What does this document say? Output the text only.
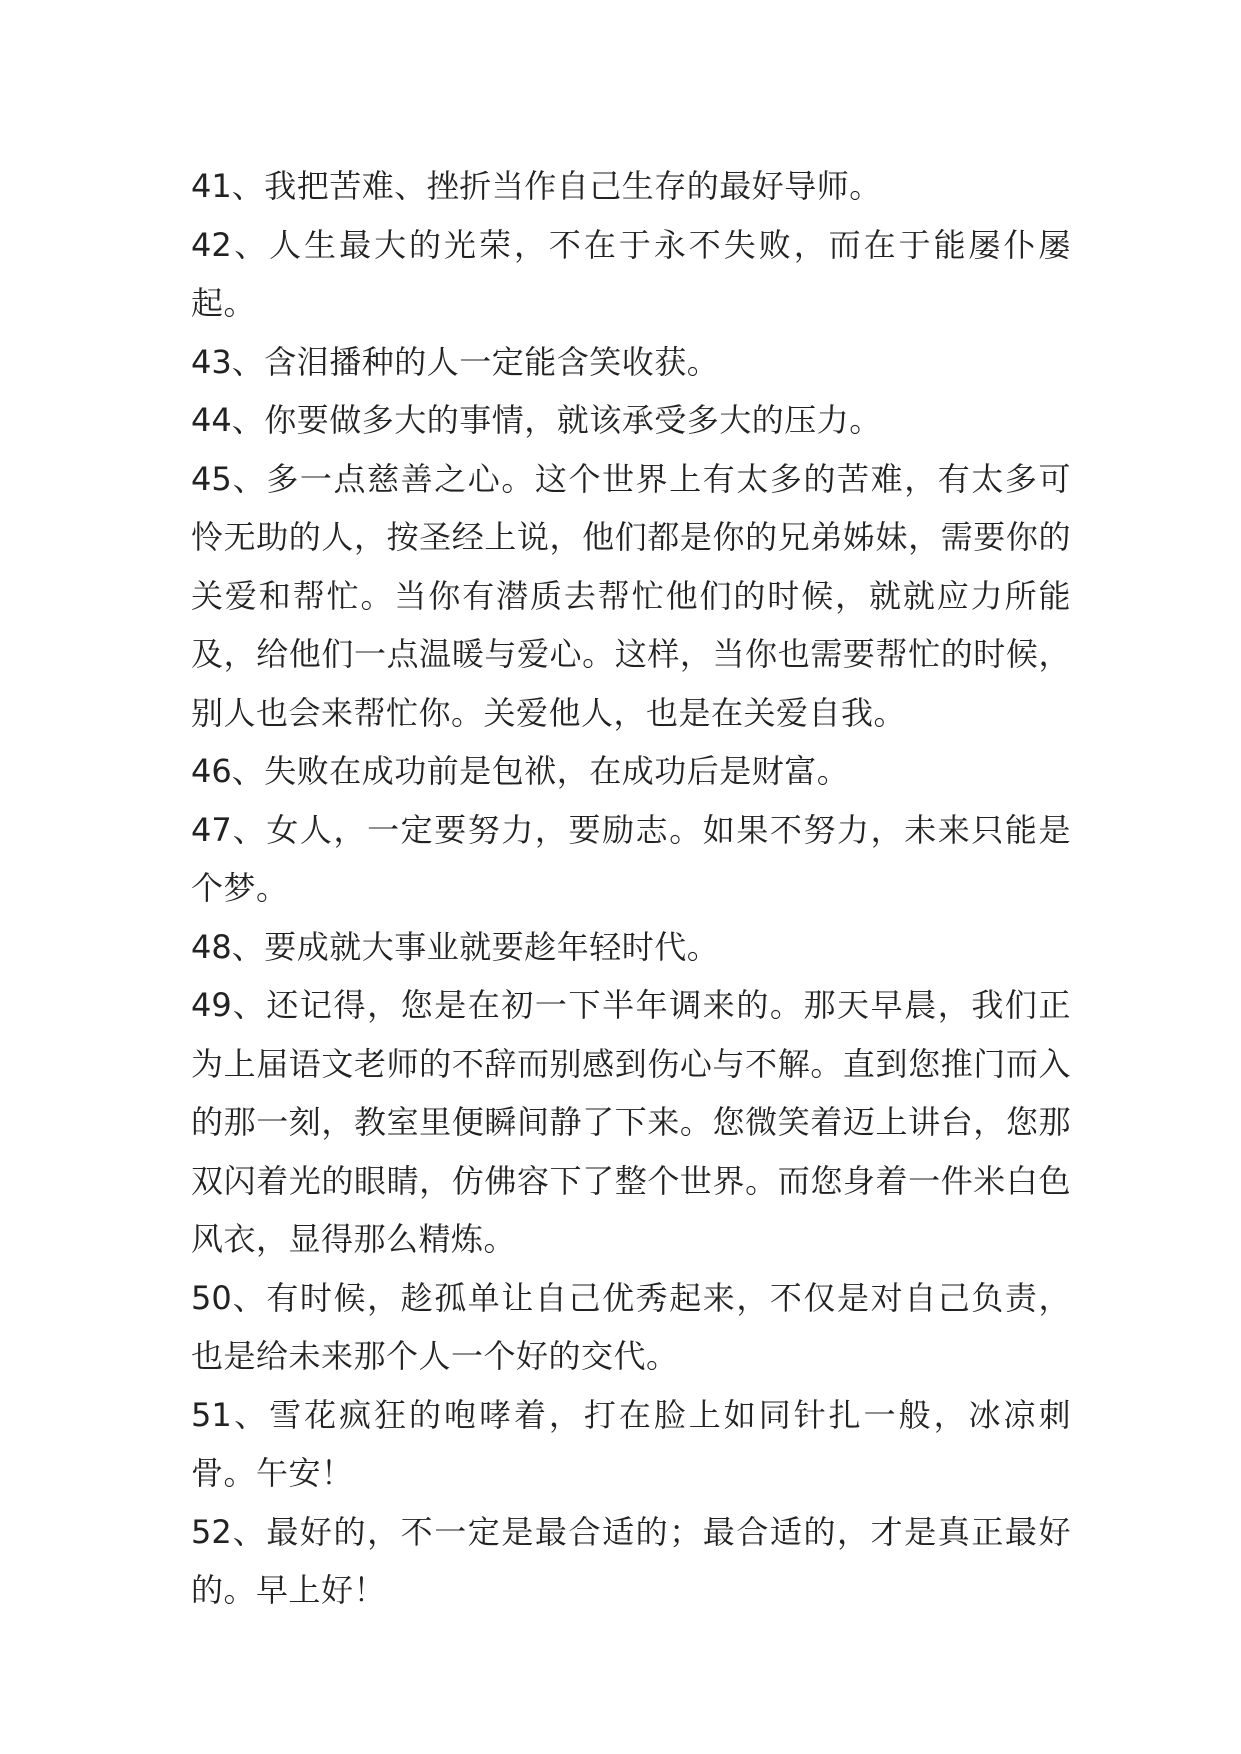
41、我把苦难、挫折当作自己生存的最好导师。

42、人生最大的光荣，不在于永不失败，而在于能屡仆屡起。

43、含泪播种的人一定能含笑收获。

44、你要做多大的事情，就该承受多大的压力。

45、多一点慈善之心。这个世界上有太多的苦难，有太多可怜无助的人，按圣经上说，他们都是你的兄弟姊妹，需要你的关爱和帮忙。当你有潜质去帮忙他们的时候，就就应力所能及，给他们一点温暖与爱心。这样，当你也需要帮忙的时候，别人也会来帮忙你。关爱他人，也是在关爱自我。

46、失败在成功前是包袱，在成功后是财富。

47、女人，一定要努力，要励志。如果不努力，未来只能是个梦。

48、要成就大事业就要趁年轻时代。

49、还记得，您是在初一下半年调来的。那天早晨，我们正为上届语文老师的不辞而别感到伤心与不解。直到您推门而入的那一刻，教室里便瞬间静了下来。您微笑着迈上讲台，您那双闪着光的眼睛，仿佛容下了整个世界。而您身着一件米白色风衣，显得那么精炼。

50、有时候，趁孤单让自己优秀起来，不仅是对自己负责，也是给未来那个人一个好的交代。

51、雪花疯狂的咆哮着，打在脸上如同针扎一般，冰凉刺骨。午安！

52、最好的，不一定是最合适的；最合适的，才是真正最好的。早上好！
